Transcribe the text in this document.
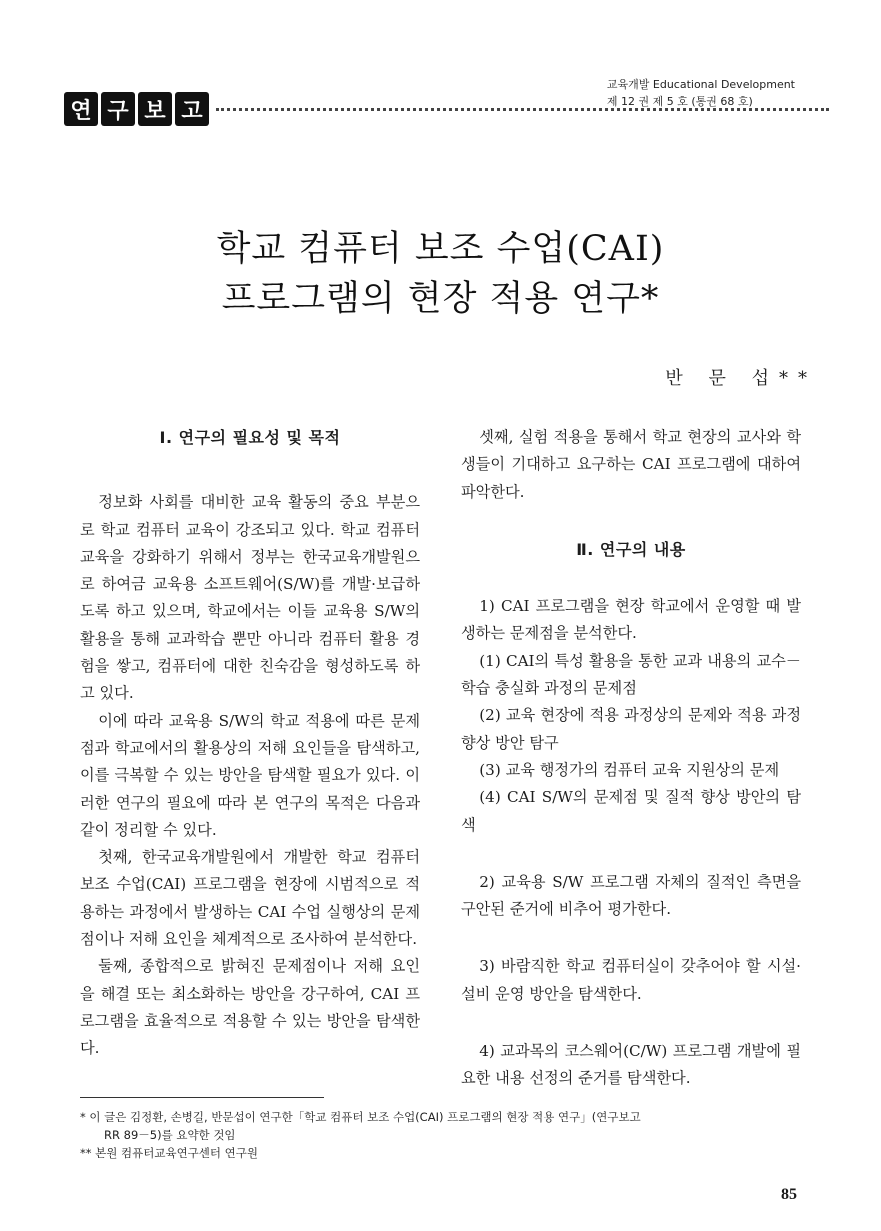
연 구 보 고
교육개발 Educational Development
제 12 권 제 5 호 (통권 68 호)
학교 컴퓨터 보조 수업(CAI)
프로그램의 현장 적용 연구*
반 문 섭**
Ⅰ. 연구의 필요성 및 목적

정보화 사회를 대비한 교육 활동의 중요 부분으로 학교 컴퓨터 교육이 강조되고 있다. 학교 컴퓨터 교육을 강화하기 위해서 정부는 한국교육개발원으로 하여금 교육용 소프트웨어(S/W)를 개발·보급하도록 하고 있으며, 학교에서는 이들 교육용 S/W의 활용을 통해 교과학습 뿐만 아니라 컴퓨터 활용 경험을 쌓고, 컴퓨터에 대한 친숙감을 형성하도록 하고 있다.

이에 따라 교육용 S/W의 학교 적용에 따른 문제점과 학교에서의 활용상의 저해 요인들을 탐색하고, 이를 극복할 수 있는 방안을 탐색할 필요가 있다. 이러한 연구의 필요에 따라 본 연구의 목적은 다음과 같이 정리할 수 있다.

첫째, 한국교육개발원에서 개발한 학교 컴퓨터 보조 수업(CAI) 프로그램을 현장에 시범적으로 적용하는 과정에서 발생하는 CAI 수업 실행상의 문제점이나 저해 요인을 체계적으로 조사하여 분석한다.

둘째, 종합적으로 밝혀진 문제점이나 저해 요인을 해결 또는 최소화하는 방안을 강구하여, CAI 프로그램을 효율적으로 적용할 수 있는 방안을 탐색한다.

셋째, 실험 적용을 통해서 학교 현장의 교사와 학생들이 기대하고 요구하는 CAI 프로그램에 대하여 파악한다.

Ⅱ. 연구의 내용

1) CAI 프로그램을 현장 학교에서 운영할 때 발생하는 문제점을 분석한다.

(1) CAI의 특성 활용을 통한 교과 내용의 교수－학습 충실화 과정의 문제점

(2) 교육 현장에 적용 과정상의 문제와 적용 과정 향상 방안 탐구

(3) 교육 행정가의 컴퓨터 교육 지원상의 문제

(4) CAI S/W의 문제점 및 질적 향상 방안의 탐색

2) 교육용 S/W 프로그램 자체의 질적인 측면을 구안된 준거에 비추어 평가한다.

3) 바람직한 학교 컴퓨터실이 갖추어야 할 시설·설비 운영 방안을 탐색한다.

4) 교과목의 코스웨어(C/W) 프로그램 개발에 필요한 내용 선정의 준거를 탐색한다.

* 이 글은 김정환, 손병길, 반문섭이 연구한「학교 컴퓨터 보조 수업(CAI) 프로그램의 현장 적용 연구」(연구보고

RR 89－5)를 요약한 것임

** 본원 컴퓨터교육연구센터 연구원

85
